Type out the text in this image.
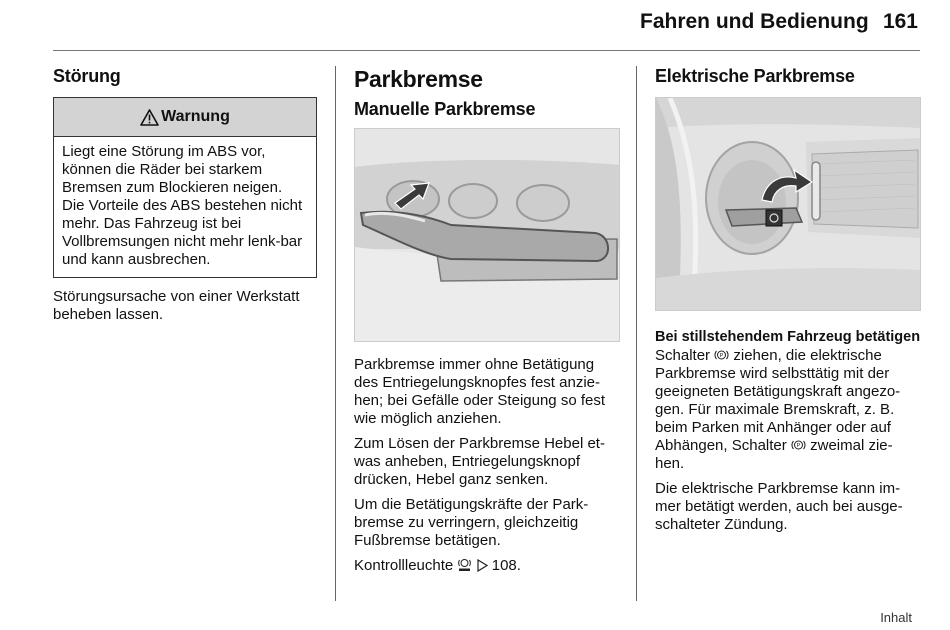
Fahren und Bedienung 161
Störung
Warnung
Liegt eine Störung im ABS vor, können die Räder bei starkem Bremsen zum Blockieren neigen. Die Vorteile des ABS bestehen nicht mehr. Das Fahrzeug ist bei Vollbremsungen nicht mehr lenk-bar und kann ausbrechen.

Störungsursache von einer Werkstatt beheben lassen.

Parkbremse
Manuelle Parkbremse

Parkbremse immer ohne Betätigung des Entriegelungsknopfes fest anzie-hen; bei Gefälle oder Steigung so fest wie möglich anziehen.

Zum Lösen der Parkbremse Hebel et-was anheben, Entriegelungsknopf drücken, Hebel ganz senken.

Um die Betätigungskräfte der Park-bremse zu verringern, gleichzeitig Fußbremse betätigen.

Kontrollleuchte	108.

Elektrische Parkbremse

Bei stillstehendem Fahrzeug betätigen

Schalter P ziehen, die elektrische Parkbremse wird selbsttätig mit der geeigneten Betätigungskraft angezo-gen. Für maximale Bremskraft, z. B. beim Parken mit Anhänger oder auf Abhängen, Schalter P zweimal zie-hen.

Die elektrische Parkbremse kann im-mer betätigt werden, auch bei ausge-schalteter Zündung.

Inhalt
